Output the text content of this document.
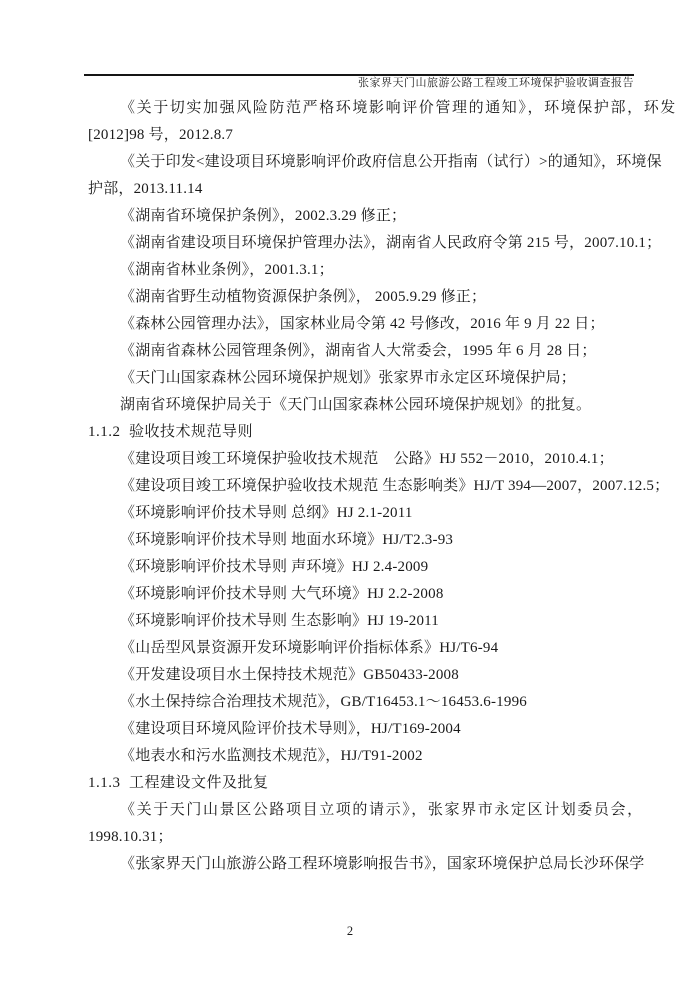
张家界天门山旅游公路工程竣工环境保护验收调查报告

《关于切实加强风险防范严格环境影响评价管理的通知》，环境保护部，环发
[2012]98 号，2012.8.7
《关于印发<建设项目环境影响评价政府信息公开指南（试行）>的通知》，环境保
护部，2013.11.14
《湖南省环境保护条例》，2002.3.29 修正；
《湖南省建设项目环境保护管理办法》，湖南省人民政府令第 215 号，2007.10.1；
《湖南省林业条例》，2001.3.1；
《湖南省野生动植物资源保护条例》， 2005.9.29 修正；
《森林公园管理办法》，国家林业局令第 42 号修改，2016 年 9 月 22 日；
《湖南省森林公园管理条例》，湖南省人大常委会，1995 年 6 月 28 日；
《天门山国家森林公园环境保护规划》张家界市永定区环境保护局；
湖南省环境保护局关于《天门山国家森林公园环境保护规划》的批复。
1.1.2  验收技术规范导则
《建设项目竣工环境保护验收技术规范　公路》HJ 552－2010，2010.4.1；
《建设项目竣工环境保护验收技术规范 生态影响类》HJ/T 394—2007，2007.12.5；
《环境影响评价技术导则 总纲》HJ 2.1-2011
《环境影响评价技术导则 地面水环境》HJ/T2.3-93
《环境影响评价技术导则 声环境》HJ 2.4-2009
《环境影响评价技术导则 大气环境》HJ 2.2-2008
《环境影响评价技术导则 生态影响》HJ 19-2011
《山岳型风景资源开发环境影响评价指标体系》HJ/T6-94
《开发建设项目水土保持技术规范》GB50433-2008
《水土保持综合治理技术规范》，GB/T16453.1～16453.6-1996
《建设项目环境风险评价技术导则》，HJ/T169-2004
《地表水和污水监测技术规范》，HJ/T91-2002
1.1.3  工程建设文件及批复
《关于天门山景区公路项目立项的请示》，张家界市永定区计划委员会，
1998.10.31；
《张家界天门山旅游公路工程环境影响报告书》，国家环境保护总局长沙环保学
2
